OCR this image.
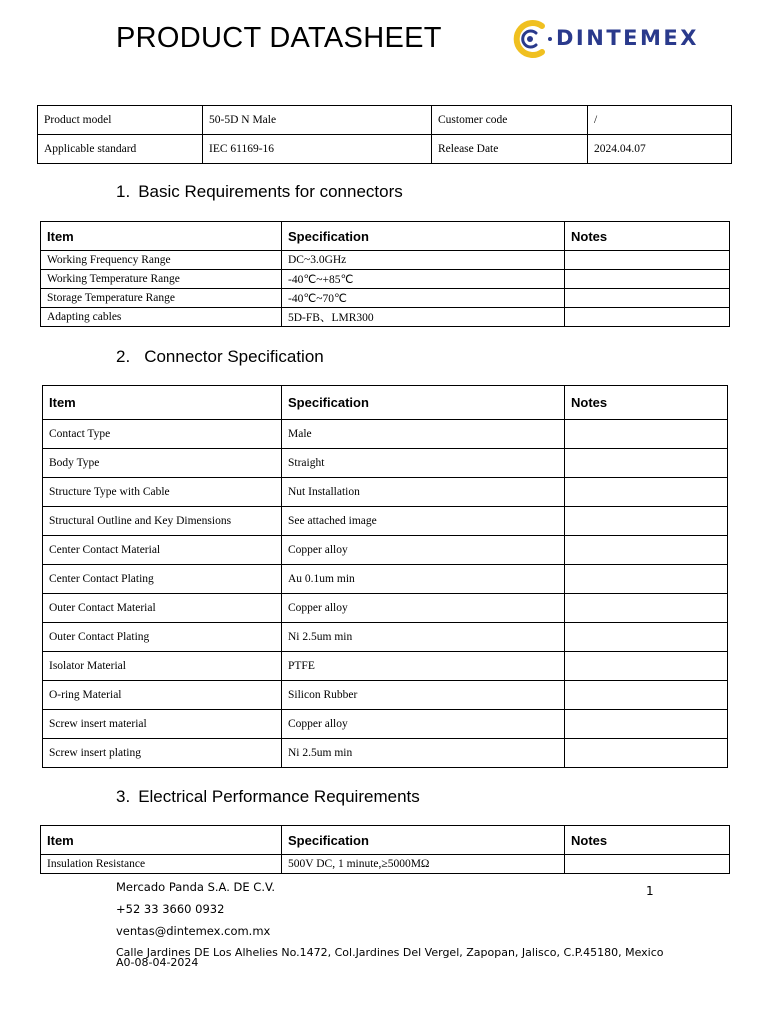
PRODUCT DATASHEET	DINTEMEX
Product model	50-5D N Male	Customer code	/
Applicable standard	IEC 61169-16	Release Date	2024.04.07
1. Basic Requirements for connectors
Item	Specification	Notes
Working Frequency Range	DC~3.0GHz	
Working Temperature Range	-40℃~+85℃	
Storage Temperature Range	-40℃~70℃	
Adapting cables	5D-FB、LMR300	
2. Connector Specification
Item	Specification	Notes
Contact Type	Male	
Body Type	Straight	
Structure Type with Cable	Nut Installation	
Structural Outline and Key Dimensions	See attached image	
Center Contact Material	Copper alloy	
Center Contact Plating	Au 0.1um min	
Outer Contact Material	Copper alloy	
Outer Contact Plating	Ni 2.5um min	
Isolator Material	PTFE	
O-ring Material	Silicon Rubber	
Screw insert material	Copper alloy	
Screw insert plating	Ni 2.5um min	
3. Electrical Performance Requirements
Item	Specification	Notes
Insulation Resistance	500V DC, 1 minute,≥5000MΩ	
Mercado Panda S.A. DE C.V.	1
+52 33 3660 0932
ventas@dintemex.com.mx
Calle Jardines DE Los Alhelies No.1472, Col.Jardines Del Vergel, Zapopan, Jalisco, C.P.45180, Mexico
A0-08-04-2024
